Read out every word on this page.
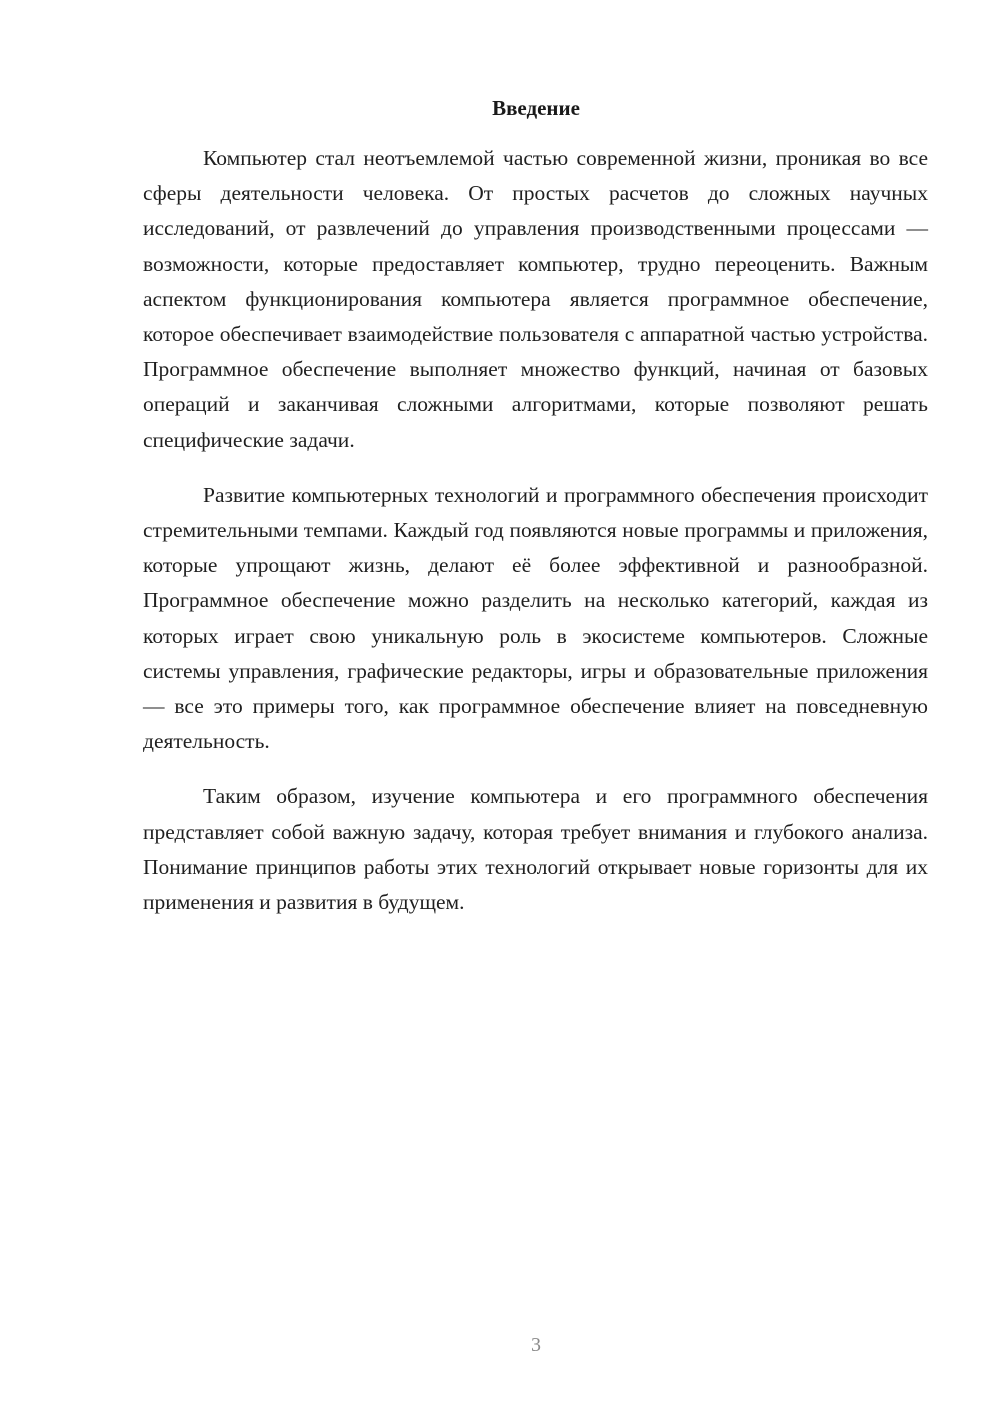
Введение

Компьютер стал неотъемлемой частью современной жизни, проникая во все сферы деятельности человека. От простых расчетов до сложных научных исследований, от развлечений до управления производственными процессами — возможности, которые предоставляет компьютер, трудно переоценить. Важным аспектом функционирования компьютера является программное обеспечение, которое обеспечивает взаимодействие пользователя с аппаратной частью устройства. Программное обеспечение выполняет множество функций, начиная от базовых операций и заканчивая сложными алгоритмами, которые позволяют решать специфические задачи.

Развитие компьютерных технологий и программного обеспечения происходит стремительными темпами. Каждый год появляются новые программы и приложения, которые упрощают жизнь, делают её более эффективной и разнообразной. Программное обеспечение можно разделить на несколько категорий, каждая из которых играет свою уникальную роль в экосистеме компьютеров. Сложные системы управления, графические редакторы, игры и образовательные приложения — все это примеры того, как программное обеспечение влияет на повседневную деятельность.

Таким образом, изучение компьютера и его программного обеспечения представляет собой важную задачу, которая требует внимания и глубокого анализа. Понимание принципов работы этих технологий открывает новые горизонты для их применения и развития в будущем.

3
